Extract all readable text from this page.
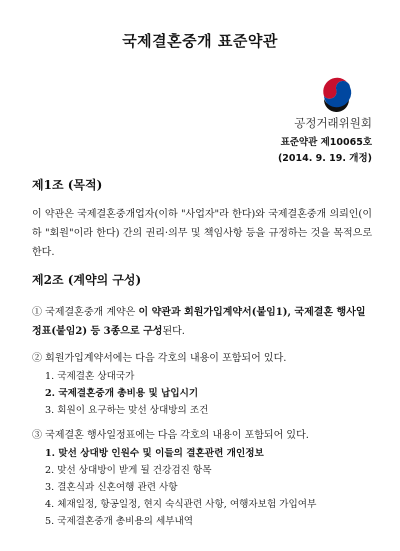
국제결혼중개 표준약관
공정거래위원회
표준약관 제10065호
(2014. 9. 19. 개정)
제1조 (목적)
이 약관은 국제결혼중개업자(이하 "사업자"라 한다)와 국제결혼중개 의뢰인(이하 "회원"이라 한다) 간의 권리·의무 및 책임사항 등을 규정하는 것을 목적으로 한다.
제2조 (계약의 구성)
① 국제결혼중개 계약은 이 약관과 회원가입계약서(붙임1), 국제결혼 행사일정표(붙임2) 등 3종으로 구성된다.
② 회원가입계약서에는 다음 각호의 내용이 포함되어 있다.
1. 국제결혼 상대국가
2. 국제결혼중개 총비용 및 납입시기
3. 회원이 요구하는 맞선 상대방의 조건
③ 국제결혼 행사일정표에는 다음 각호의 내용이 포함되어 있다.
1. 맞선 상대방 인원수 및 이들의 결혼관련 개인정보
2. 맞선 상대방이 받게 될 건강검진 항목
3. 결혼식과 신혼여행 관련 사항
4. 체재일정, 항공일정, 현지 숙식관련 사항, 여행자보험 가입여부
5. 국제결혼중개 총비용의 세부내역
